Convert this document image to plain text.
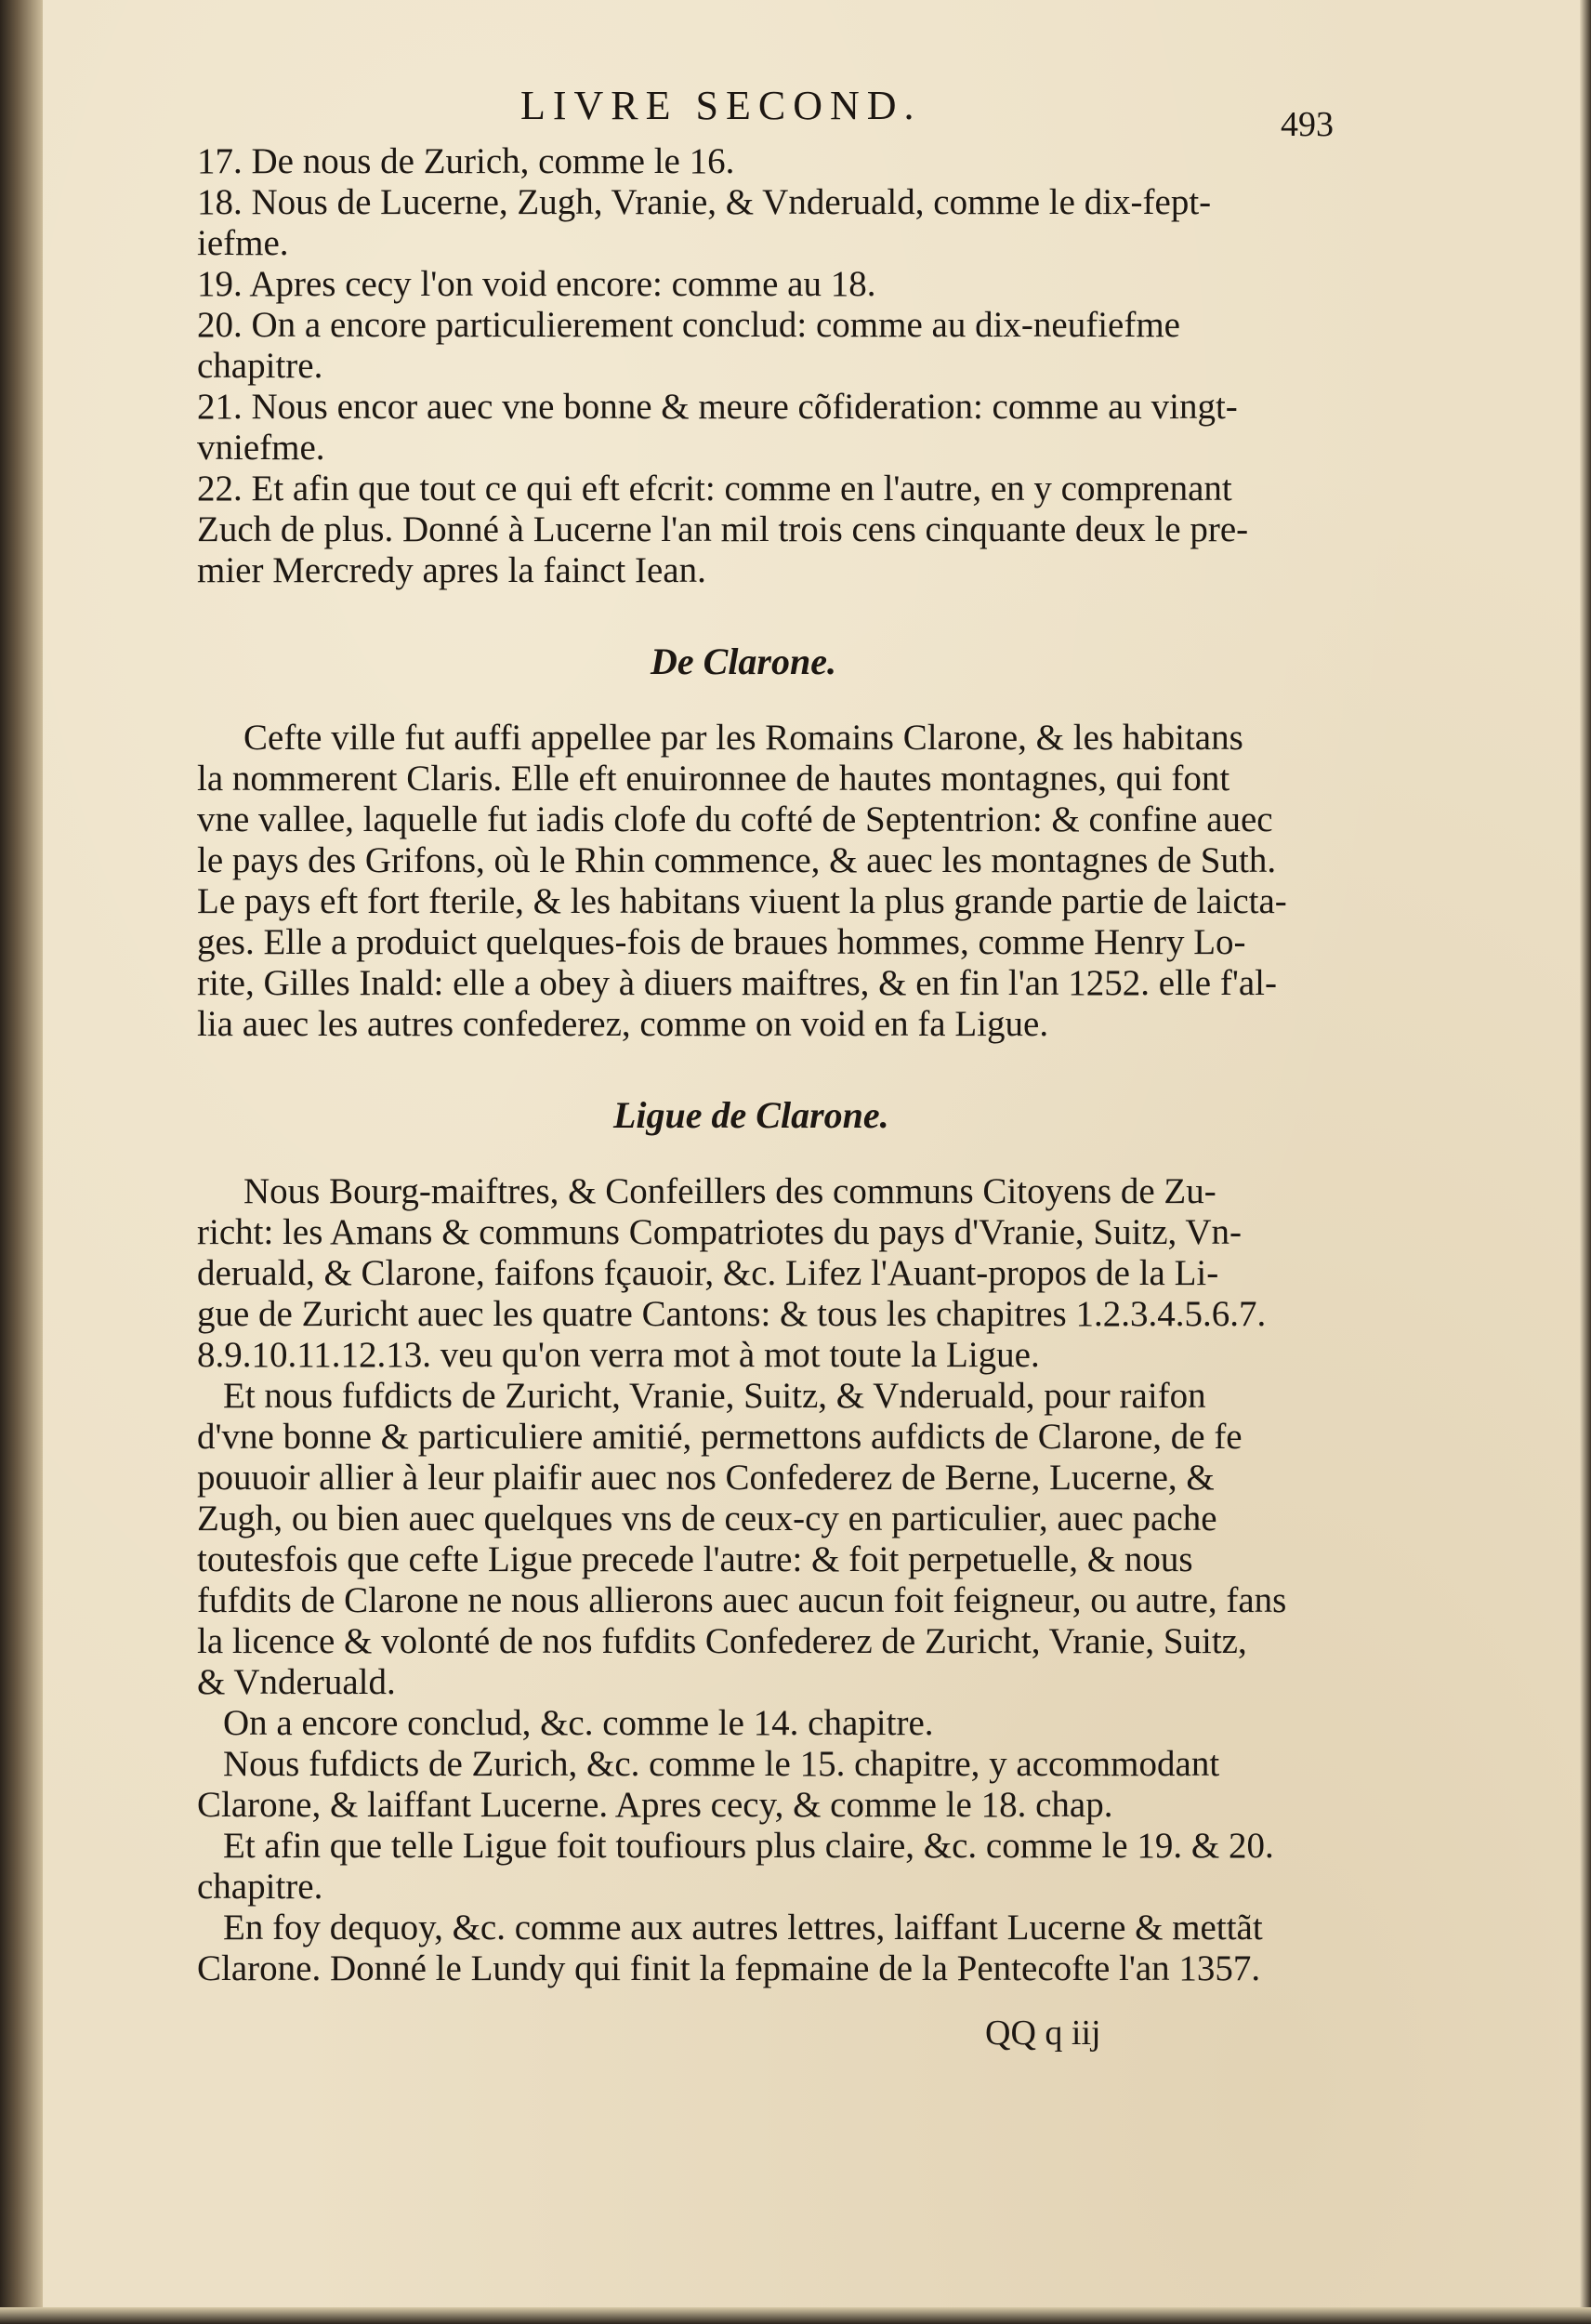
LIVRE SECOND.	493
17. De nous de Zurich, comme le 16.
18. Nous de Lucerne, Zugh, Vranie, & Vnderuald, comme le dix-fept-
iefme.
19. Apres cecy l'on void encore: comme au 18.
20. On a encore particulierement conclud: comme au dix-neufiefme
chapitre.
21. Nous encor auec vne bonne & meure cõfideration: comme au vingt-
vniefme.
22. Et afin que tout ce qui eft efcrit: comme en l'autre, en y comprenant
Zuch de plus. Donné à Lucerne l'an mil trois cens cinquante deux le pre-
mier Mercredy apres la fainct Iean.
De Clarone.
Cefte ville fut auffi appellee par les Romains Clarone, & les habitans
la nommerent Claris. Elle eft enuironnee de hautes montagnes, qui font
vne vallee, laquelle fut iadis clofe du cofté de Septentrion: & confine auec
le pays des Grifons, où le Rhin commence, & auec les montagnes de Suth.
Le pays eft fort fterile, & les habitans viuent la plus grande partie de laictа-
ges. Elle a produict quelques-fois de braues hommes, comme Henry Lo-
rite, Gilles Inald: elle a obey à diuers maiftres, & en fin l'an 1252. elle f'al-
lia auec les autres confederez, comme on void en fa Ligue.
Ligue de Clarone.
Nous Bourg-maiftres, & Confeillers des communs Citoyens de Zu-
richt: les Amans & communs Compatriotes du pays d'Vranie, Suitz, Vn-
deruald, & Clarone, faifons fçauoir, &c. Lifez l'Auant-propos de la Li-
gue de Zuricht auec les quatre Cantons: & tous les chapitres 1.2.3.4.5.6.7.
8.9.10.11.12.13. veu qu'on verra mot à mot toute la Ligue.
Et nous fufdicts de Zuricht, Vranie, Suitz, & Vnderuald, pour raifon
d'vne bonne & particuliere amitié, permettons aufdicts de Clarone, de fe
pouuoir allier à leur plaifir auec nos Confederez de Berne, Lucerne, &
Zugh, ou bien auec quelques vns de ceux-cy en particulier, auec pache
toutesfois que cefte Ligue precede l'autre: & foit perpetuelle, & nous
fufdits de Clarone ne nous allierons auec aucun foit feigneur, ou autre, fans
la licence & volonté de nos fufdits Confederez de Zuricht, Vranie, Suitz,
& Vnderuald.
On a encore conclud, &c. comme le 14. chapitre.
Nous fufdicts de Zurich, &c. comme le 15. chapitre, y accommodant
Clarone, & laiffant Lucerne. Apres cecy, & comme le 18. chap.
Et afin que telle Ligue foit toufiours plus claire, &c. comme le 19. & 20.
chapitre.
En foy dequoy, &c. comme aux autres lettres, laiffant Lucerne & mettãt
Clarone. Donné le Lundy qui finit la fepmaine de la Pentecofte l'an 1357.
QQ q iij
